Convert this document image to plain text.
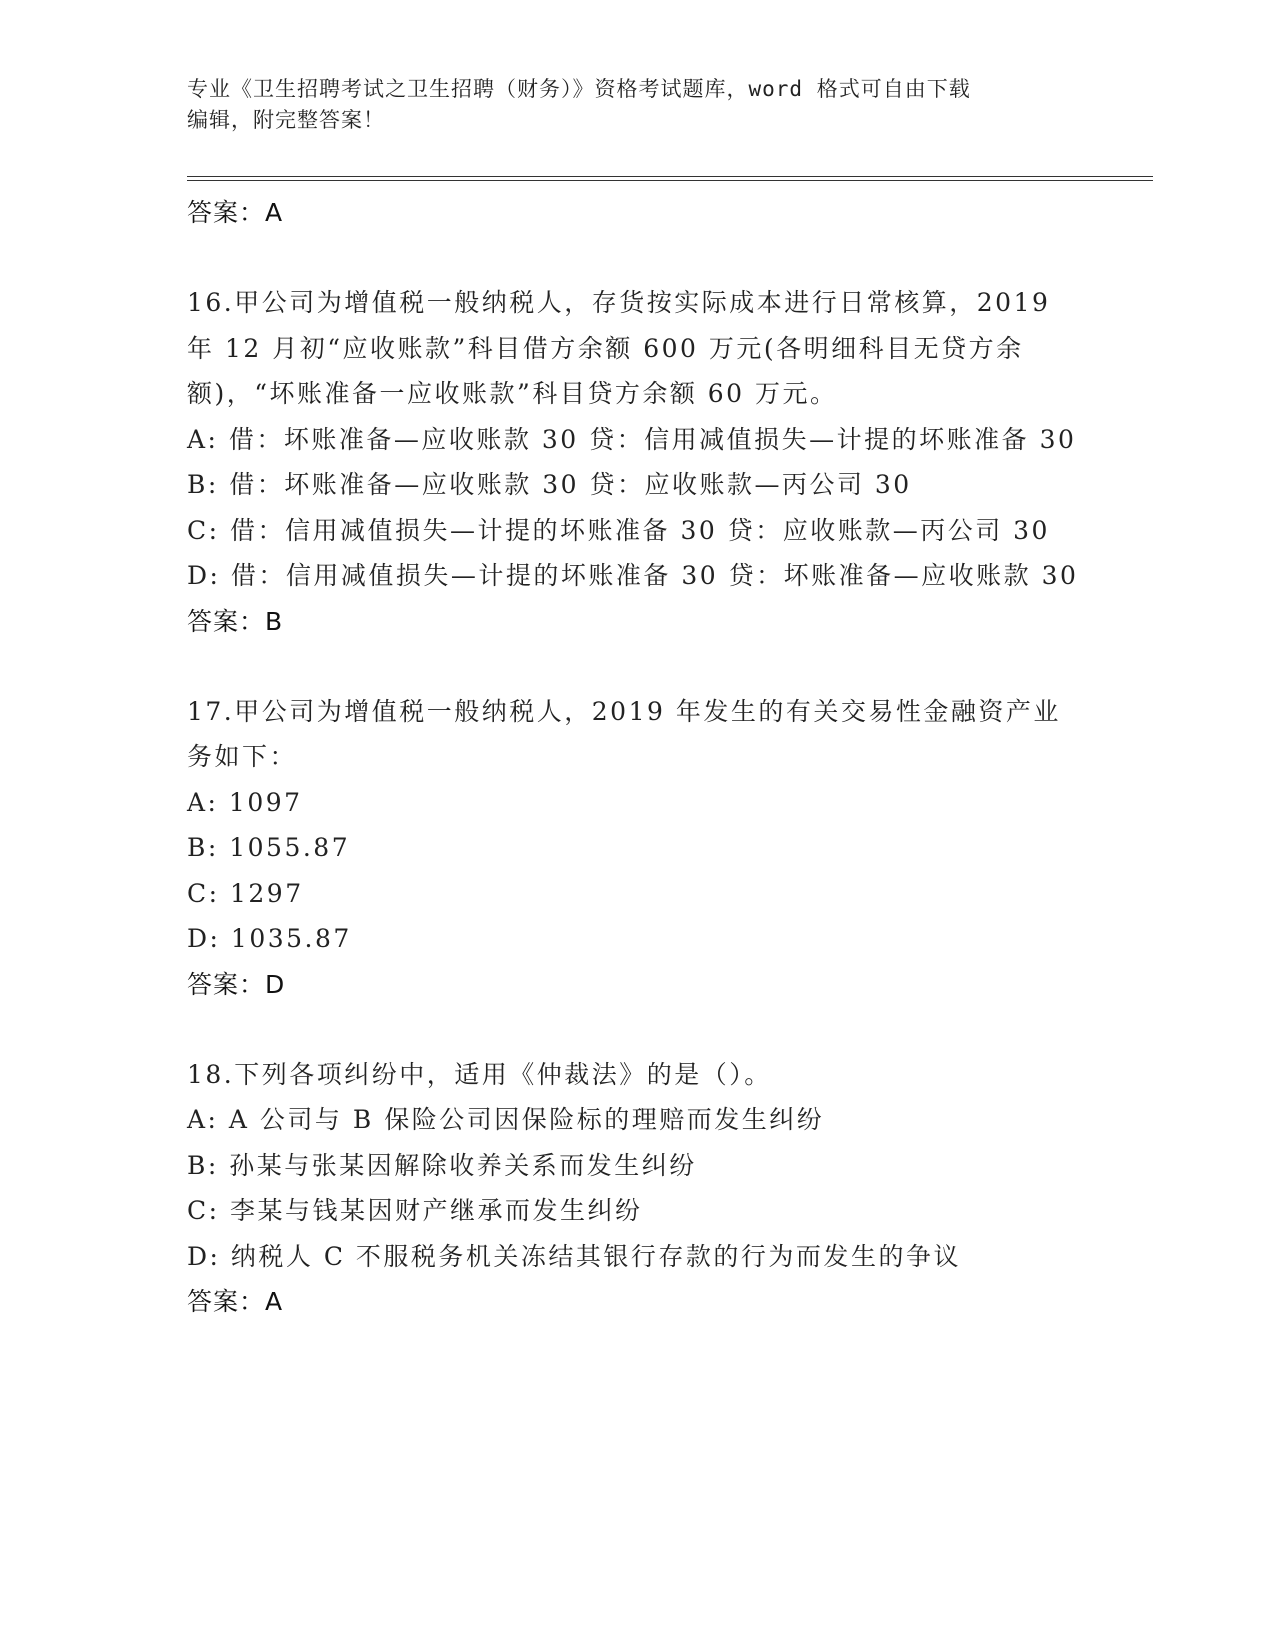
专业《卫生招聘考试之卫生招聘（财务）》资格考试题库，word 格式可自由下载
编辑，附完整答案！
答案：A
16.甲公司为增值税一般纳税人，存货按实际成本进行日常核算，2019 年 12 月初“应收账款”科目借方余额 600 万元(各明细科目无贷方余额)，“坏账准备一应收账款”科目贷方余额 60 万元。
A: 借：坏账准备—应收账款 30 贷：信用减值损失—计提的坏账准备 30
B: 借：坏账准备—应收账款 30 贷：应收账款—丙公司 30
C: 借：信用减值损失—计提的坏账准备 30 贷：应收账款—丙公司 30
D: 借：信用减值损失—计提的坏账准备 30 贷：坏账准备—应收账款 30
答案：B
17.甲公司为增值税一般纳税人，2019 年发生的有关交易性金融资产业务如下：
A: 1097
B: 1055.87
C: 1297
D: 1035.87
答案：D
18.下列各项纠纷中，适用《仲裁法》的是（）。
A: A 公司与 B 保险公司因保险标的理赔而发生纠纷
B: 孙某与张某因解除收养关系而发生纠纷
C: 李某与钱某因财产继承而发生纠纷
D: 纳税人 C 不服税务机关冻结其银行存款的行为而发生的争议
答案：A
